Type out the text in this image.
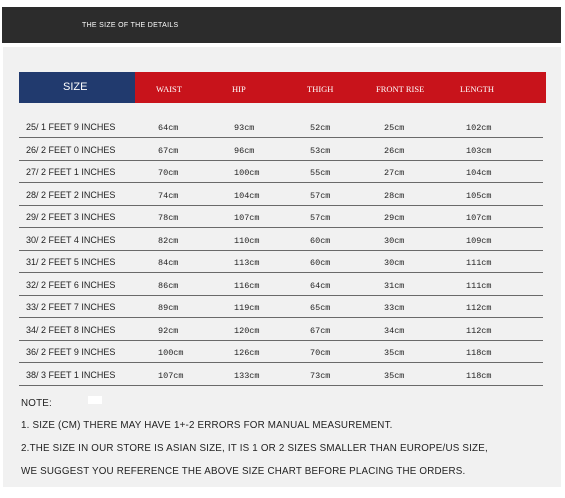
THE SIZE OF THE DETAILS
SIZE	WAIST	HIP	THIGH	FRONT RISE	LENGTH
25/ 1 FEET 9 INCHES	64cm	93cm	52cm	25cm	102cm
26/ 2 FEET 0 INCHES	67cm	96cm	53cm	26cm	103cm
27/ 2 FEET 1 INCHES	70cm	100cm	55cm	27cm	104cm
28/ 2 FEET 2 INCHES	74cm	104cm	57cm	28cm	105cm
29/ 2 FEET 3 INCHES	78cm	107cm	57cm	29cm	107cm
30/ 2 FEET 4 INCHES	82cm	110cm	60cm	30cm	109cm
31/ 2 FEET 5 INCHES	84cm	113cm	60cm	30cm	111cm
32/ 2 FEET 6 INCHES	86cm	116cm	64cm	31cm	111cm
33/ 2 FEET 7 INCHES	89cm	119cm	65cm	33cm	112cm
34/ 2 FEET 8 INCHES	92cm	120cm	67cm	34cm	112cm
36/ 2 FEET 9 INCHES	100cm	126cm	70cm	35cm	118cm
38/ 3 FEET 1 INCHES	107cm	133cm	73cm	35cm	118cm
NOTE:
1. SIZE (CM) THERE MAY HAVE 1+-2 ERRORS FOR MANUAL MEASUREMENT.
2.THE SIZE IN OUR STORE IS ASIAN SIZE, IT IS 1 OR 2 SIZES SMALLER THAN EUROPE/US SIZE,
WE SUGGEST YOU REFERENCE THE ABOVE SIZE CHART BEFORE PLACING THE ORDERS.
